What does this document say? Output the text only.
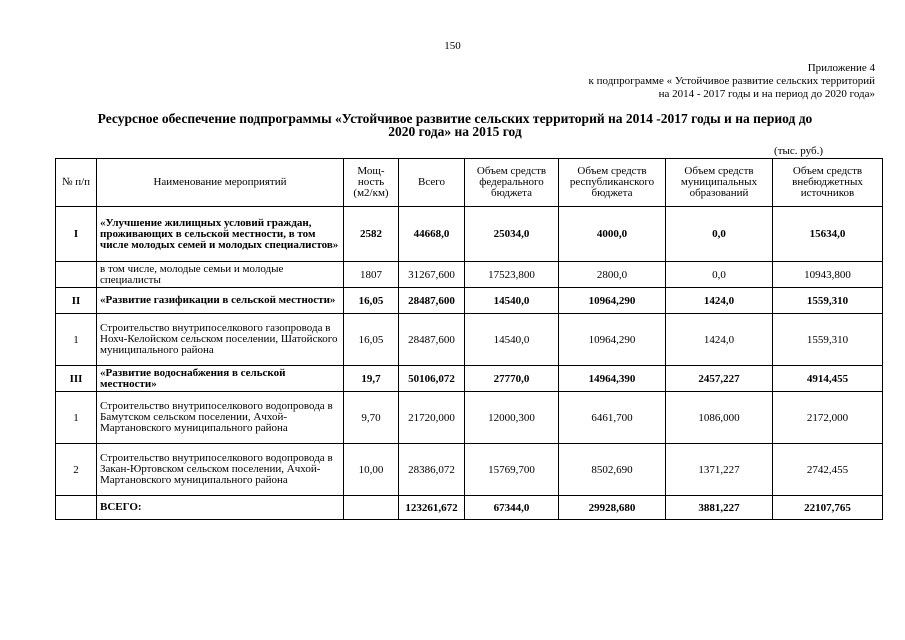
150
Приложение 4
к подпрограмме « Устойчивое развитие сельских территорий
на 2014 - 2017 годы и на период до 2020 года»
Ресурсное обеспечение подпрограммы «Устойчивое развитие сельских территорий на 2014 -2017 годы и на период до
2020 года» на 2015 год
(тыс. руб.)
№ п/п	Наименование мероприятий	Мощ-ность (м2/км)	Всего	Объем средств федерального бюджета	Объем средств республиканского бюджета	Объем средств муниципальных образований	Объем средств внебюджетных источников
I	«Улучшение жилищных условий граждан, проживающих в сельской местности, в том числе молодых семей и молодых специалистов»	2582	44668,0	25034,0	4000,0	0,0	15634,0
	в том числе, молодые семьи и молодые специалисты	1807	31267,600	17523,800	2800,0	0,0	10943,800
II	«Развитие газификации в сельской местности»	16,05	28487,600	14540,0	10964,290	1424,0	1559,310
1	Строительство внутрипоселкового газопровода в Нохч-Келойском сельском поселении, Шатойского муниципального района	16,05	28487,600	14540,0	10964,290	1424,0	1559,310
III	«Развитие водоснабжения в сельской местности»	19,7	50106,072	27770,0	14964,390	2457,227	4914,455
1	Строительство внутрипоселкового водопровода в Бамутском сельском поселении, Ачхой-Мартановского муниципального района	9,70	21720,000	12000,300	6461,700	1086,000	2172,000
2	Строительство внутрипоселкового водопровода в Закан-Юртовском сельском поселении, Ачхой-Мартановского муниципального района	10,00	28386,072	15769,700	8502,690	1371,227	2742,455
	ВСЕГО:		123261,672	67344,0	29928,680	3881,227	22107,765
